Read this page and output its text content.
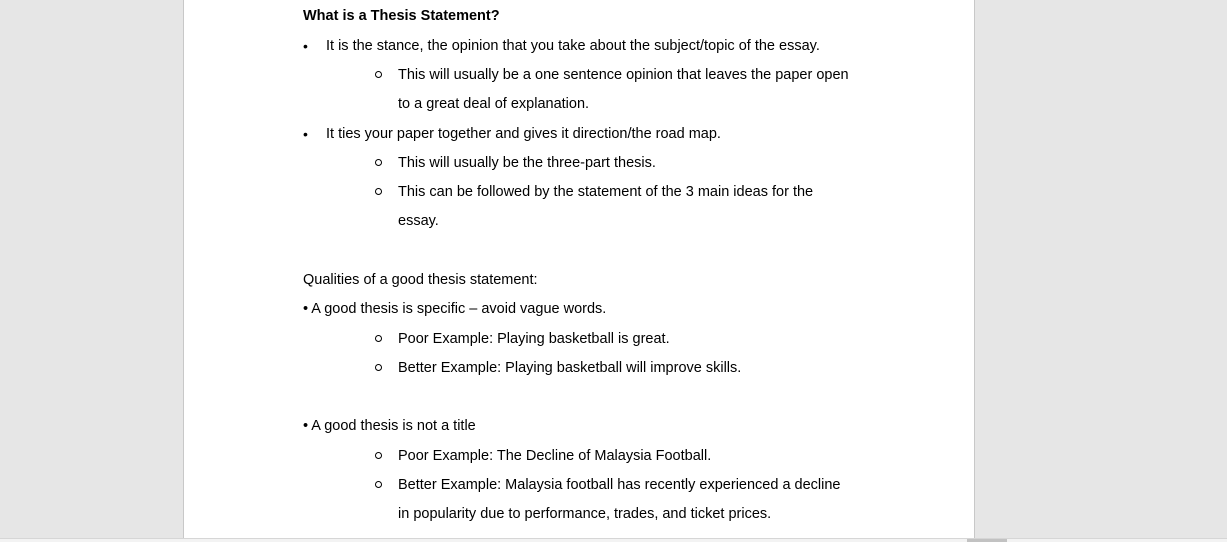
What is a Thesis Statement?
• It is the stance, the opinion that you take about the subject/topic of the essay.
This will usually be a one sentence opinion that leaves the paper open
to a great deal of explanation.
• It ties your paper together and gives it direction/the road map.
This will usually be the three-part thesis.
This can be followed by the statement of the 3 main ideas for the
essay.
Qualities of a good thesis statement:
• A good thesis is specific – avoid vague words.
Poor Example: Playing basketball is great.
Better Example: Playing basketball will improve skills.
• A good thesis is not a title
Poor Example: The Decline of Malaysia Football.
Better Example: Malaysia football has recently experienced a decline
in popularity due to performance, trades, and ticket prices.
